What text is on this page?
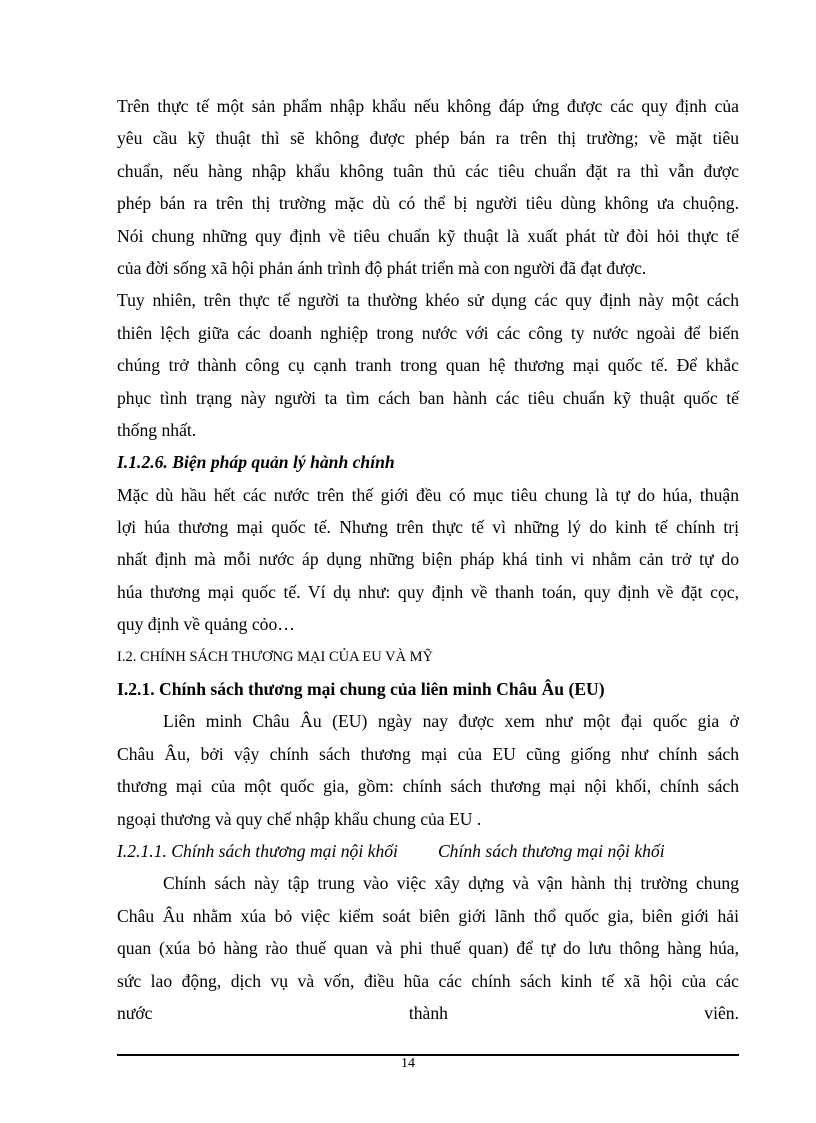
Trên thực tế một sản phẩm nhập khẩu nếu không đáp ứng được các quy định của
yêu cầu kỹ thuật thì sẽ không được phép bán ra trên thị trường; về mặt tiêu
chuẩn, nếu hàng nhập khẩu không tuân thủ các tiêu chuẩn đặt ra thì vẫn được
phép bán ra trên thị trường mặc dù có thể bị người tiêu dùng không ưa chuộng.
Nói chung những quy định về tiêu chuẩn kỹ thuật là xuất phát từ đòi hỏi thực tế
của đời sống xã hội phản ánh trình độ phát triển mà con người đã đạt được.
Tuy nhiên, trên thực tế người ta thường khéo sử dụng các quy định này một cách
thiên lệch giữa các doanh nghiệp trong nước với các công ty nước ngoài để biến
chúng trở thành công cụ cạnh tranh trong quan hệ thương mại quốc tế. Để khắc
phục tình trạng này người ta tìm cách ban hành các tiêu chuẩn kỹ thuật quốc tế
thống nhất.
I.1.2.6. Biện pháp quản lý hành chính
Mặc dù hầu hết các nước trên thế giới đều có mục tiêu chung là tự do húa, thuận
lợi húa thương mại quốc tế. Nhưng trên thực tế vì những lý do kinh tế chính trị
nhất định mà mỗi nước áp dụng những biện pháp khá tinh vi nhằm cản trở tự do
húa thương mại quốc tế. Ví dụ như: quy định về thanh toán, quy định về đặt cọc,
quy định về quảng cỏo…
I.2. CHÍNH SÁCH THƯƠNG MẠI CỦA EU VÀ MỸ
I.2.1. Chính sách thương mại chung của liên minh Châu Âu (EU)
Liên minh Châu Âu (EU) ngày nay được xem như một đại quốc gia ở
Châu Âu, bởi vậy chính sách thương mại của EU cũng giống như chính sách
thương mại của một quốc gia, gồm: chính sách thương mại nội khối, chính sách
ngoại thương và quy chế nhập khẩu chung của EU .
I.2.1.1. Chính sách thương mại nội khối Chính sách thương mại nội khối
Chính sách này tập trung vào việc xây dựng và vận hành thị trường chung
Châu Âu nhằm xúa bỏ việc kiểm soát biên giới lãnh thổ quốc gia, biên giới hải
quan (xúa bỏ hàng rào thuế quan và phi thuế quan) để tự do lưu thông hàng húa,
sức lao động, dịch vụ và vốn, điều hũa các chính sách kinh tế xã hội của các
nước thành viên.
14
